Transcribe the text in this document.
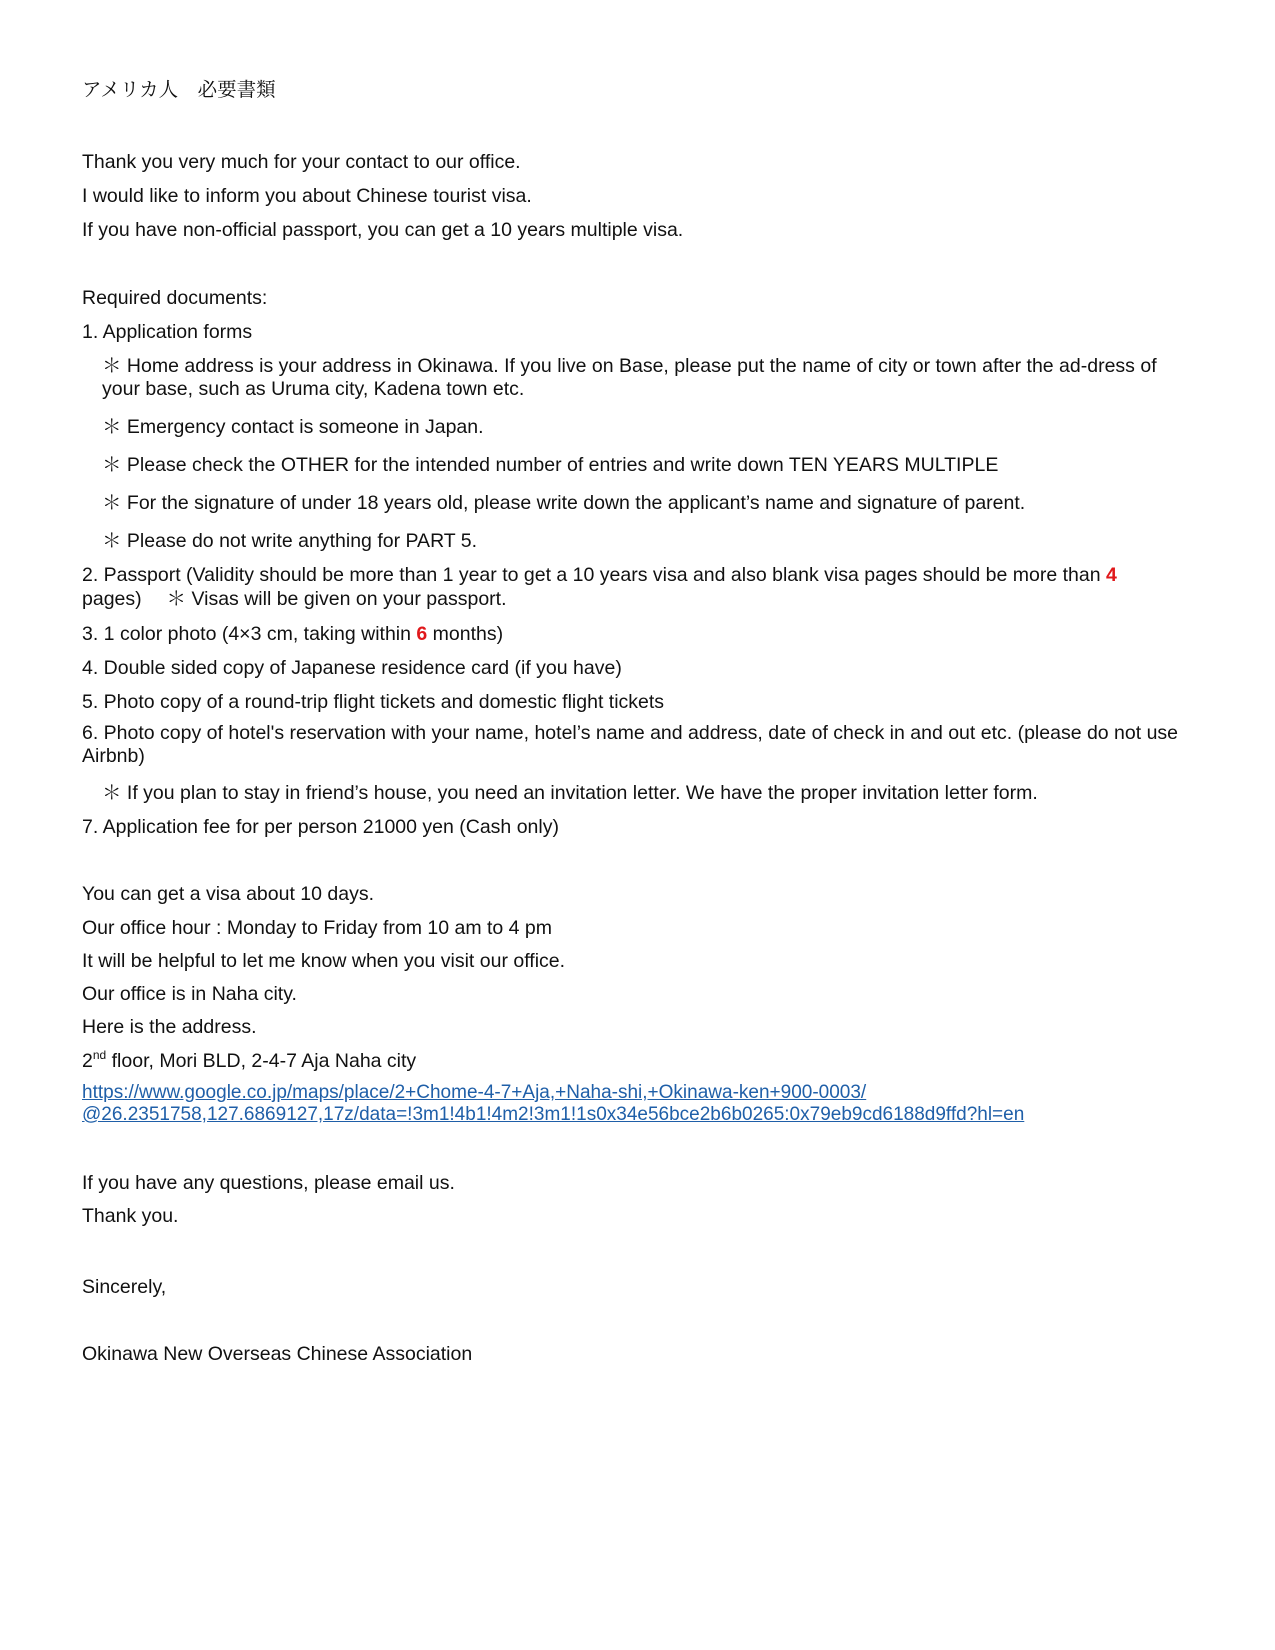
アメリカ人　必要書類
Thank you very much for your contact to our office.
I would like to inform you about Chinese tourist visa.
If you have non-official passport, you can get a 10 years multiple visa.
Required documents:
1. Application forms
＊ Home address is your address in Okinawa. If you live on Base, please put the name of city or town after the ad-dress of your base, such as Uruma city, Kadena town etc.
＊ Emergency contact is someone in Japan.
＊ Please check the OTHER for the intended number of entries and write down TEN YEARS MULTIPLE
＊ For the signature of under 18 years old, please write down the applicant’s name and signature of parent.
＊ Please do not write anything for PART 5.
2. Passport (Validity should be more than 1 year to get a 10 years visa and also blank visa pages should be more than 4
pages)　 ＊ Visas will be given on your passport.
3. 1 color photo (4×3 cm, taking within 6 months)
4. Double sided copy of Japanese residence card (if you have)
5. Photo copy of a round-trip flight tickets and domestic flight tickets
6. Photo copy of hotel's reservation with your name, hotel’s name and address, date of check in and out etc. (please do not use Airbnb)
＊ If you plan to stay in friend’s house, you need an invitation letter. We have the proper invitation letter form.
7. Application fee for per person 21000 yen (Cash only)
You can get a visa about 10 days.
Our office hour : Monday to Friday from 10 am to 4 pm
It will be helpful to let me know when you visit our office.
Our office is in Naha city.
Here is the address.
2nd floor, Mori BLD, 2-4-7 Aja Naha city
https://www.google.co.jp/maps/place/2+Chome-4-7+Aja,+Naha-shi,+Okinawa-ken+900-0003/
@26.2351758,127.6869127,17z/data=!3m1!4b1!4m2!3m1!1s0x34e56bce2b6b0265:0x79eb9cd6188d9ffd?hl=en
If you have any questions, please email us.
Thank you.
Sincerely,
Okinawa New Overseas Chinese Association
